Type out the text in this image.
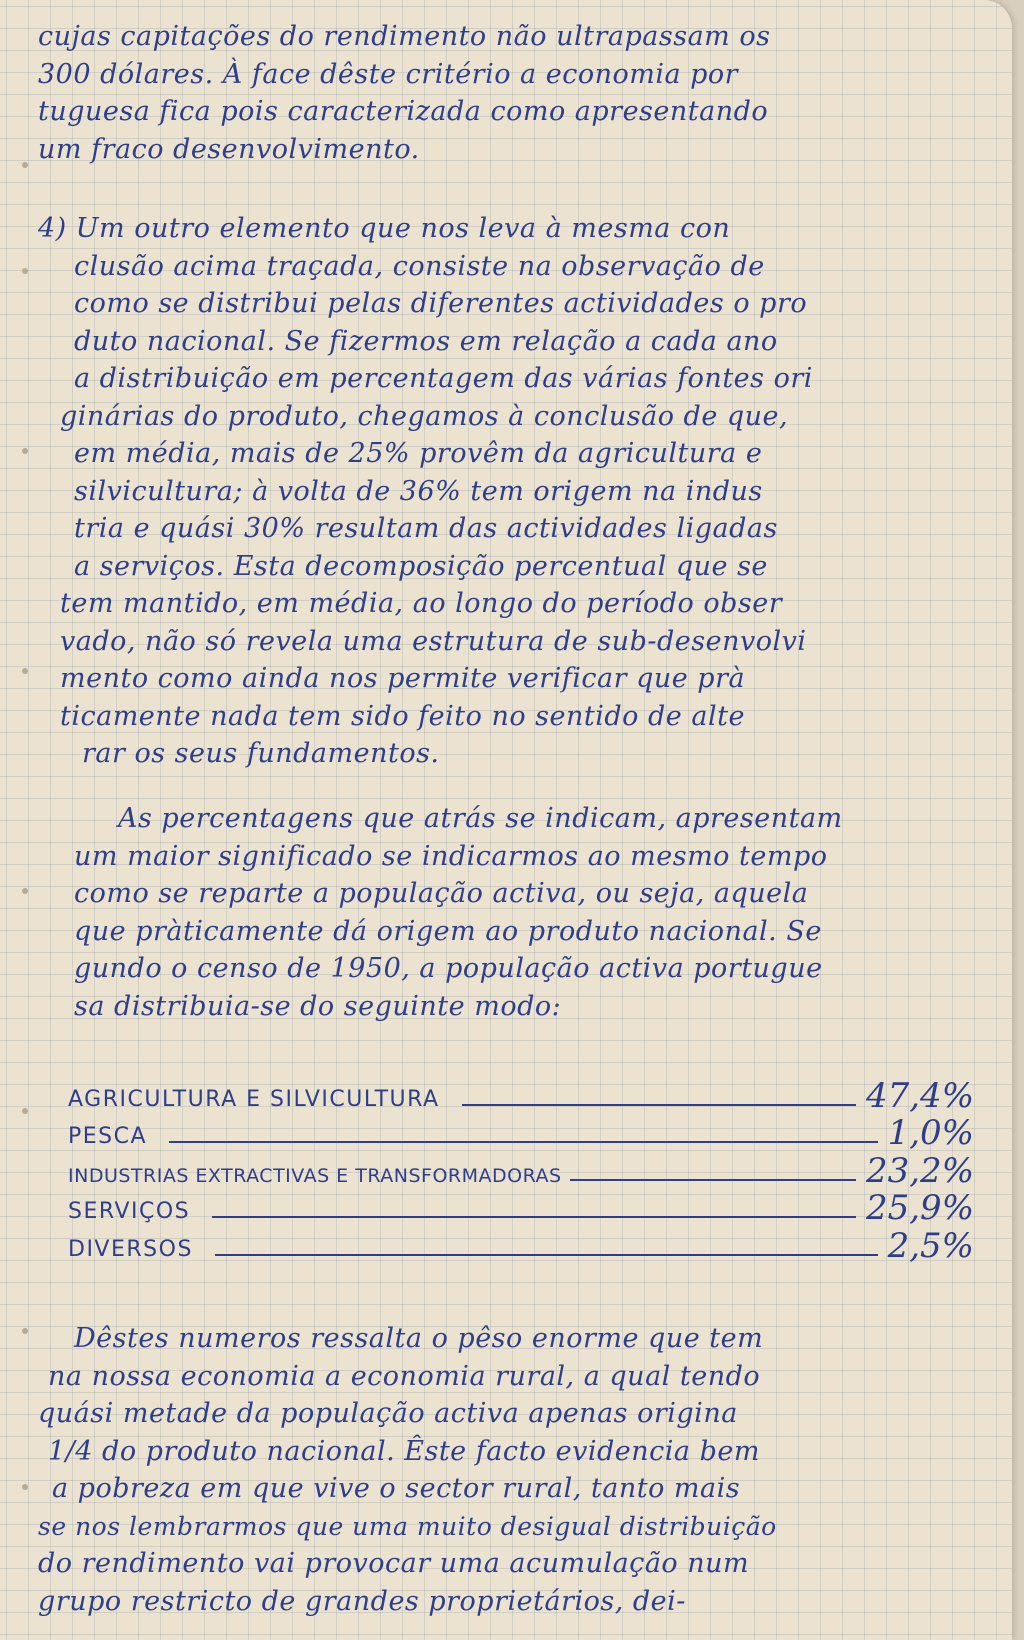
cujas capitações do rendimento não ultrapassam os
300 dólares. À face dêste critério a economia por
tuguesa fica pois caracterizada como apresentando
um fraco desenvolvimento.
4) Um outro elemento que nos leva à mesma con
clusão acima traçada, consiste na observação de
como se distribui pelas diferentes actividades o pro
duto nacional. Se fizermos em relação a cada ano
a distribuição em percentagem das várias fontes ori
ginárias do produto, chegamos à conclusão de que,
em média, mais de 25% provêm da agricultura e
silvicultura; à volta de 36% tem origem na indus
tria e quási 30% resultam das actividades ligadas
a serviços. Esta decomposição percentual que se
tem mantido, em média, ao longo do período obser
vado, não só revela uma estrutura de sub-desenvolvi
mento como ainda nos permite verificar que prà
ticamente nada tem sido feito no sentido de alte
rar os seus fundamentos.
As percentagens que atrás se indicam, apresentam
um maior significado se indicarmos ao mesmo tempo
como se reparte a população activa, ou seja, aquela
que pràticamente dá origem ao produto nacional. Se
gundo o censo de 1950, a população activa portugue
sa distribuia-se do seguinte modo:
AGRICULTURA E SILVICULTURA	47,4%
PESCA	1,0%
INDUSTRIAS EXTRACTIVAS E TRANSFORMADORAS	23,2%
SERVIÇOS	25,9%
DIVERSOS	2,5%
Dêstes numeros ressalta o pêso enorme que tem
na nossa economia a economia rural, a qual tendo
quási metade da população activa apenas origina
1/4 do produto nacional. Êste facto evidencia bem
a pobreza em que vive o sector rural, tanto mais
se nos lembrarmos que uma muito desigual distribuição
do rendimento vai provocar uma acumulação num
grupo restricto de grandes proprietários, dei-
